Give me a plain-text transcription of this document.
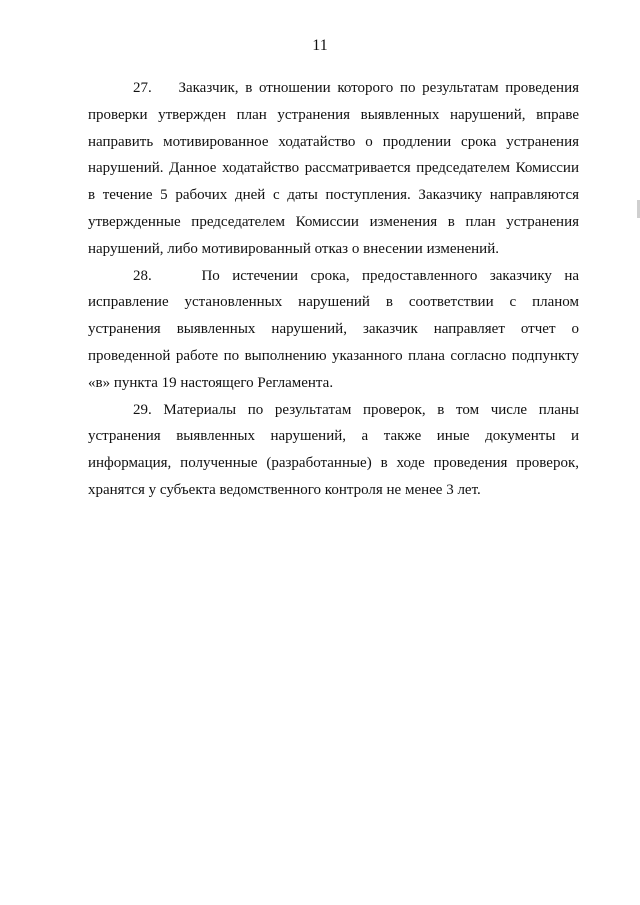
11

27. Заказчик, в отношении которого по результатам проведения проверки утвержден план устранения выявленных нарушений, вправе направить мотивированное ходатайство о продлении срока устранения нарушений. Данное ходатайство рассматривается председателем Комиссии в течение 5 рабочих дней с даты поступления. Заказчику направляются утвержденные председателем Комиссии изменения в план устранения нарушений, либо мотивированный отказ о внесении изменений.

28.	По истечении срока, предоставленного заказчику на исправление установленных нарушений в соответствии с планом устранения выявленных нарушений, заказчик направляет отчет о проведенной работе по выполнению указанного плана согласно подпункту «в» пункта 19 настоящего Регламента.

29. Материалы по результатам проверок, в том числе планы устранения выявленных нарушений, а также иные документы и информация, полученные (разработанные) в ходе проведения проверок, хранятся у субъекта ведомственного контроля не менее 3 лет.
